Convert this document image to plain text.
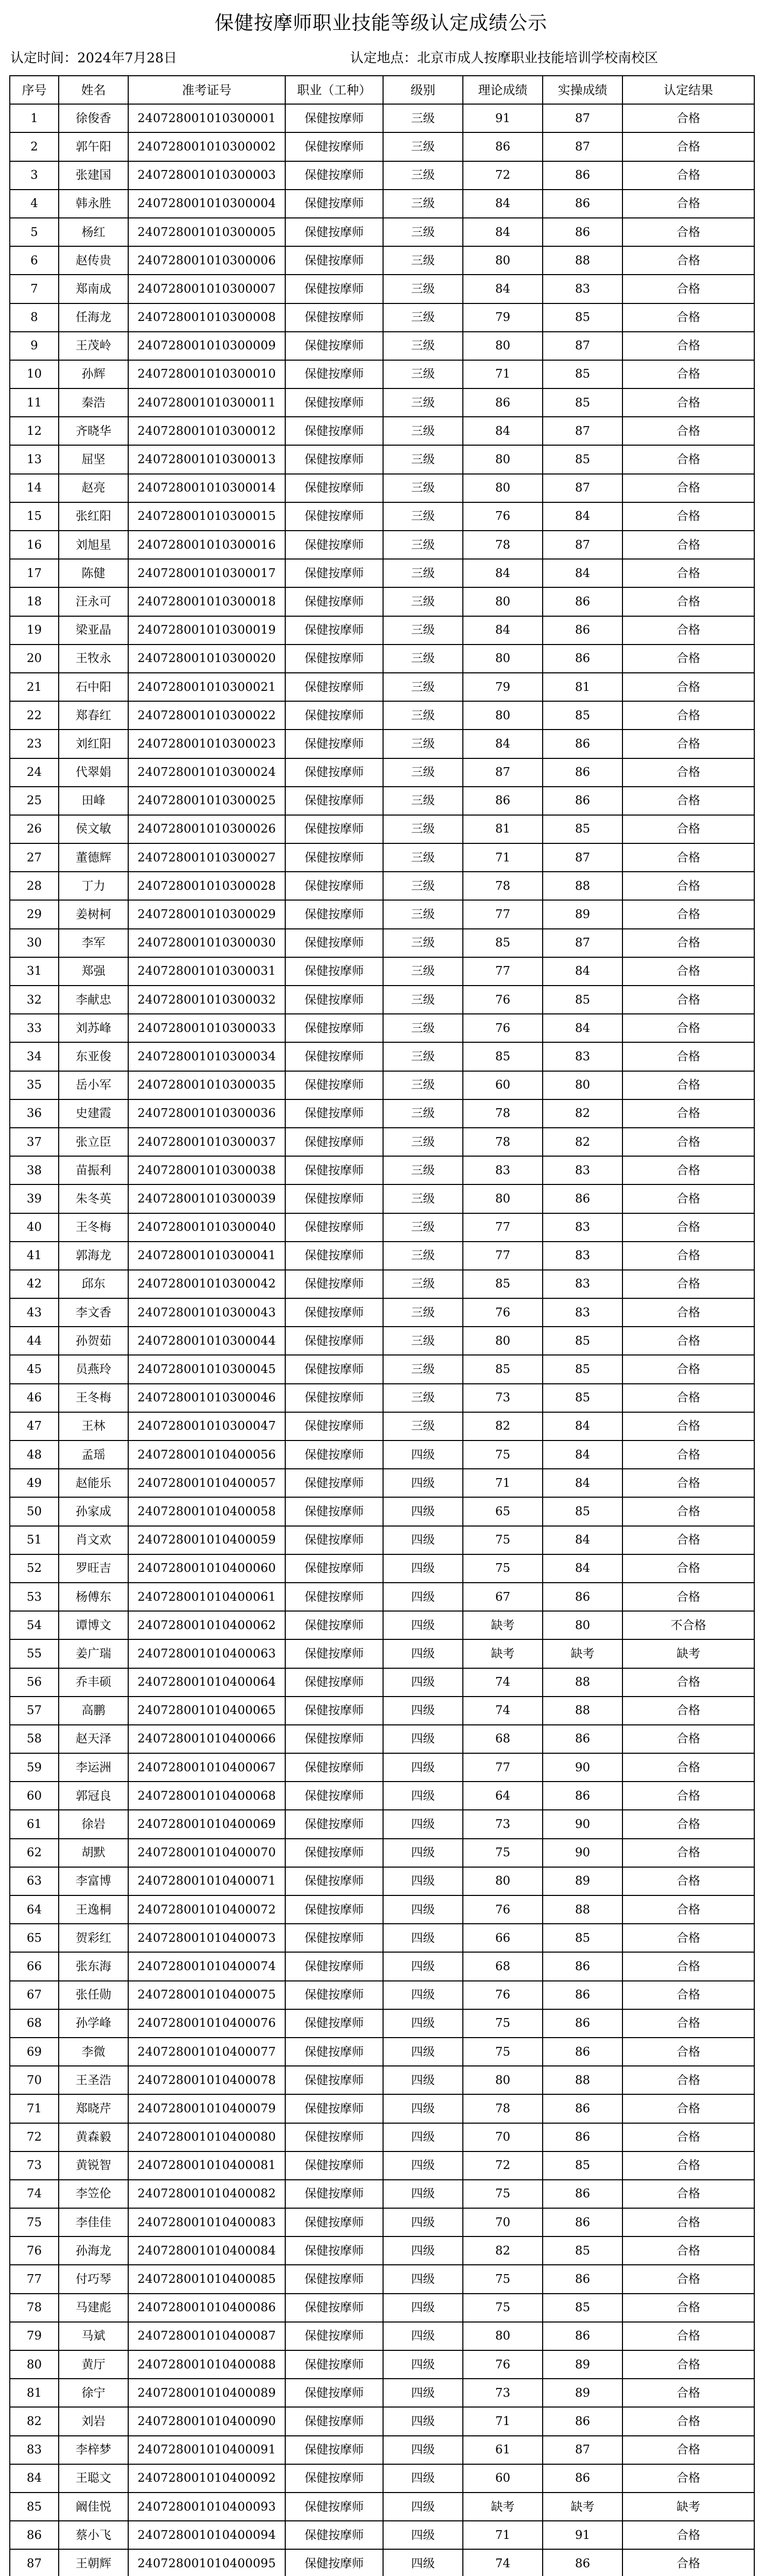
保健按摩师职业技能等级认定成绩公示
认定时间：2024年7月28日	认定地点：北京市成人按摩职业技能培训学校南校区
序号	姓名	准考证号	职业（工种）	级别	理论成绩	实操成绩	认定结果
1	徐俊香	240728001010300001	保健按摩师	三级	91	87	合格
2	郭午阳	240728001010300002	保健按摩师	三级	86	87	合格
3	张建国	240728001010300003	保健按摩师	三级	72	86	合格
4	韩永胜	240728001010300004	保健按摩师	三级	84	86	合格
5	杨红	240728001010300005	保健按摩师	三级	84	86	合格
6	赵传贵	240728001010300006	保健按摩师	三级	80	88	合格
7	郑南成	240728001010300007	保健按摩师	三级	84	83	合格
8	任海龙	240728001010300008	保健按摩师	三级	79	85	合格
9	王茂岭	240728001010300009	保健按摩师	三级	80	87	合格
10	孙辉	240728001010300010	保健按摩师	三级	71	85	合格
11	秦浩	240728001010300011	保健按摩师	三级	86	85	合格
12	齐晓华	240728001010300012	保健按摩师	三级	84	87	合格
13	屈坚	240728001010300013	保健按摩师	三级	80	85	合格
14	赵亮	240728001010300014	保健按摩师	三级	80	87	合格
15	张红阳	240728001010300015	保健按摩师	三级	76	84	合格
16	刘旭星	240728001010300016	保健按摩师	三级	78	87	合格
17	陈健	240728001010300017	保健按摩师	三级	84	84	合格
18	汪永可	240728001010300018	保健按摩师	三级	80	86	合格
19	梁亚晶	240728001010300019	保健按摩师	三级	84	86	合格
20	王牧永	240728001010300020	保健按摩师	三级	80	86	合格
21	石中阳	240728001010300021	保健按摩师	三级	79	81	合格
22	郑春红	240728001010300022	保健按摩师	三级	80	85	合格
23	刘红阳	240728001010300023	保健按摩师	三级	84	86	合格
24	代翠娟	240728001010300024	保健按摩师	三级	87	86	合格
25	田峰	240728001010300025	保健按摩师	三级	86	86	合格
26	侯文敏	240728001010300026	保健按摩师	三级	81	85	合格
27	董德辉	240728001010300027	保健按摩师	三级	71	87	合格
28	丁力	240728001010300028	保健按摩师	三级	78	88	合格
29	姜树柯	240728001010300029	保健按摩师	三级	77	89	合格
30	李军	240728001010300030	保健按摩师	三级	85	87	合格
31	郑强	240728001010300031	保健按摩师	三级	77	84	合格
32	李献忠	240728001010300032	保健按摩师	三级	76	85	合格
33	刘苏峰	240728001010300033	保健按摩师	三级	76	84	合格
34	东亚俊	240728001010300034	保健按摩师	三级	85	83	合格
35	岳小军	240728001010300035	保健按摩师	三级	60	80	合格
36	史建霞	240728001010300036	保健按摩师	三级	78	82	合格
37	张立臣	240728001010300037	保健按摩师	三级	78	82	合格
38	苗振利	240728001010300038	保健按摩师	三级	83	83	合格
39	朱冬英	240728001010300039	保健按摩师	三级	80	86	合格
40	王冬梅	240728001010300040	保健按摩师	三级	77	83	合格
41	郭海龙	240728001010300041	保健按摩师	三级	77	83	合格
42	邱东	240728001010300042	保健按摩师	三级	85	83	合格
43	李文香	240728001010300043	保健按摩师	三级	76	83	合格
44	孙贺茹	240728001010300044	保健按摩师	三级	80	85	合格
45	员燕玲	240728001010300045	保健按摩师	三级	85	85	合格
46	王冬梅	240728001010300046	保健按摩师	三级	73	85	合格
47	王林	240728001010300047	保健按摩师	三级	82	84	合格
48	孟瑶	240728001010400056	保健按摩师	四级	75	84	合格
49	赵能乐	240728001010400057	保健按摩师	四级	71	84	合格
50	孙家成	240728001010400058	保健按摩师	四级	65	85	合格
51	肖文欢	240728001010400059	保健按摩师	四级	75	84	合格
52	罗旺吉	240728001010400060	保健按摩师	四级	75	84	合格
53	杨傅东	240728001010400061	保健按摩师	四级	67	86	合格
54	谭博文	240728001010400062	保健按摩师	四级	缺考	80	不合格
55	姜广瑞	240728001010400063	保健按摩师	四级	缺考	缺考	缺考
56	乔丰硕	240728001010400064	保健按摩师	四级	74	88	合格
57	高鹏	240728001010400065	保健按摩师	四级	74	88	合格
58	赵天泽	240728001010400066	保健按摩师	四级	68	86	合格
59	李运洲	240728001010400067	保健按摩师	四级	77	90	合格
60	郭冠良	240728001010400068	保健按摩师	四级	64	86	合格
61	徐岩	240728001010400069	保健按摩师	四级	73	90	合格
62	胡默	240728001010400070	保健按摩师	四级	75	90	合格
63	李富博	240728001010400071	保健按摩师	四级	80	89	合格
64	王逸桐	240728001010400072	保健按摩师	四级	76	88	合格
65	贺彩红	240728001010400073	保健按摩师	四级	66	85	合格
66	张东海	240728001010400074	保健按摩师	四级	68	86	合格
67	张任勋	240728001010400075	保健按摩师	四级	76	86	合格
68	孙学峰	240728001010400076	保健按摩师	四级	75	86	合格
69	李微	240728001010400077	保健按摩师	四级	75	86	合格
70	王圣浩	240728001010400078	保健按摩师	四级	80	88	合格
71	郑晓芹	240728001010400079	保健按摩师	四级	78	86	合格
72	黄森毅	240728001010400080	保健按摩师	四级	70	86	合格
73	黄锐智	240728001010400081	保健按摩师	四级	72	85	合格
74	李笠伦	240728001010400082	保健按摩师	四级	75	86	合格
75	李佳佳	240728001010400083	保健按摩师	四级	70	86	合格
76	孙海龙	240728001010400084	保健按摩师	四级	82	85	合格
77	付巧琴	240728001010400085	保健按摩师	四级	75	86	合格
78	马建彪	240728001010400086	保健按摩师	四级	75	85	合格
79	马斌	240728001010400087	保健按摩师	四级	80	86	合格
80	黄厅	240728001010400088	保健按摩师	四级	76	89	合格
81	徐宁	240728001010400089	保健按摩师	四级	73	89	合格
82	刘岩	240728001010400090	保健按摩师	四级	71	86	合格
83	李梓梦	240728001010400091	保健按摩师	四级	61	87	合格
84	王聪文	240728001010400092	保健按摩师	四级	60	86	合格
85	阚佳悦	240728001010400093	保健按摩师	四级	缺考	缺考	缺考
86	蔡小飞	240728001010400094	保健按摩师	四级	71	91	合格
87	王朝辉	240728001010400095	保健按摩师	四级	74	86	合格
